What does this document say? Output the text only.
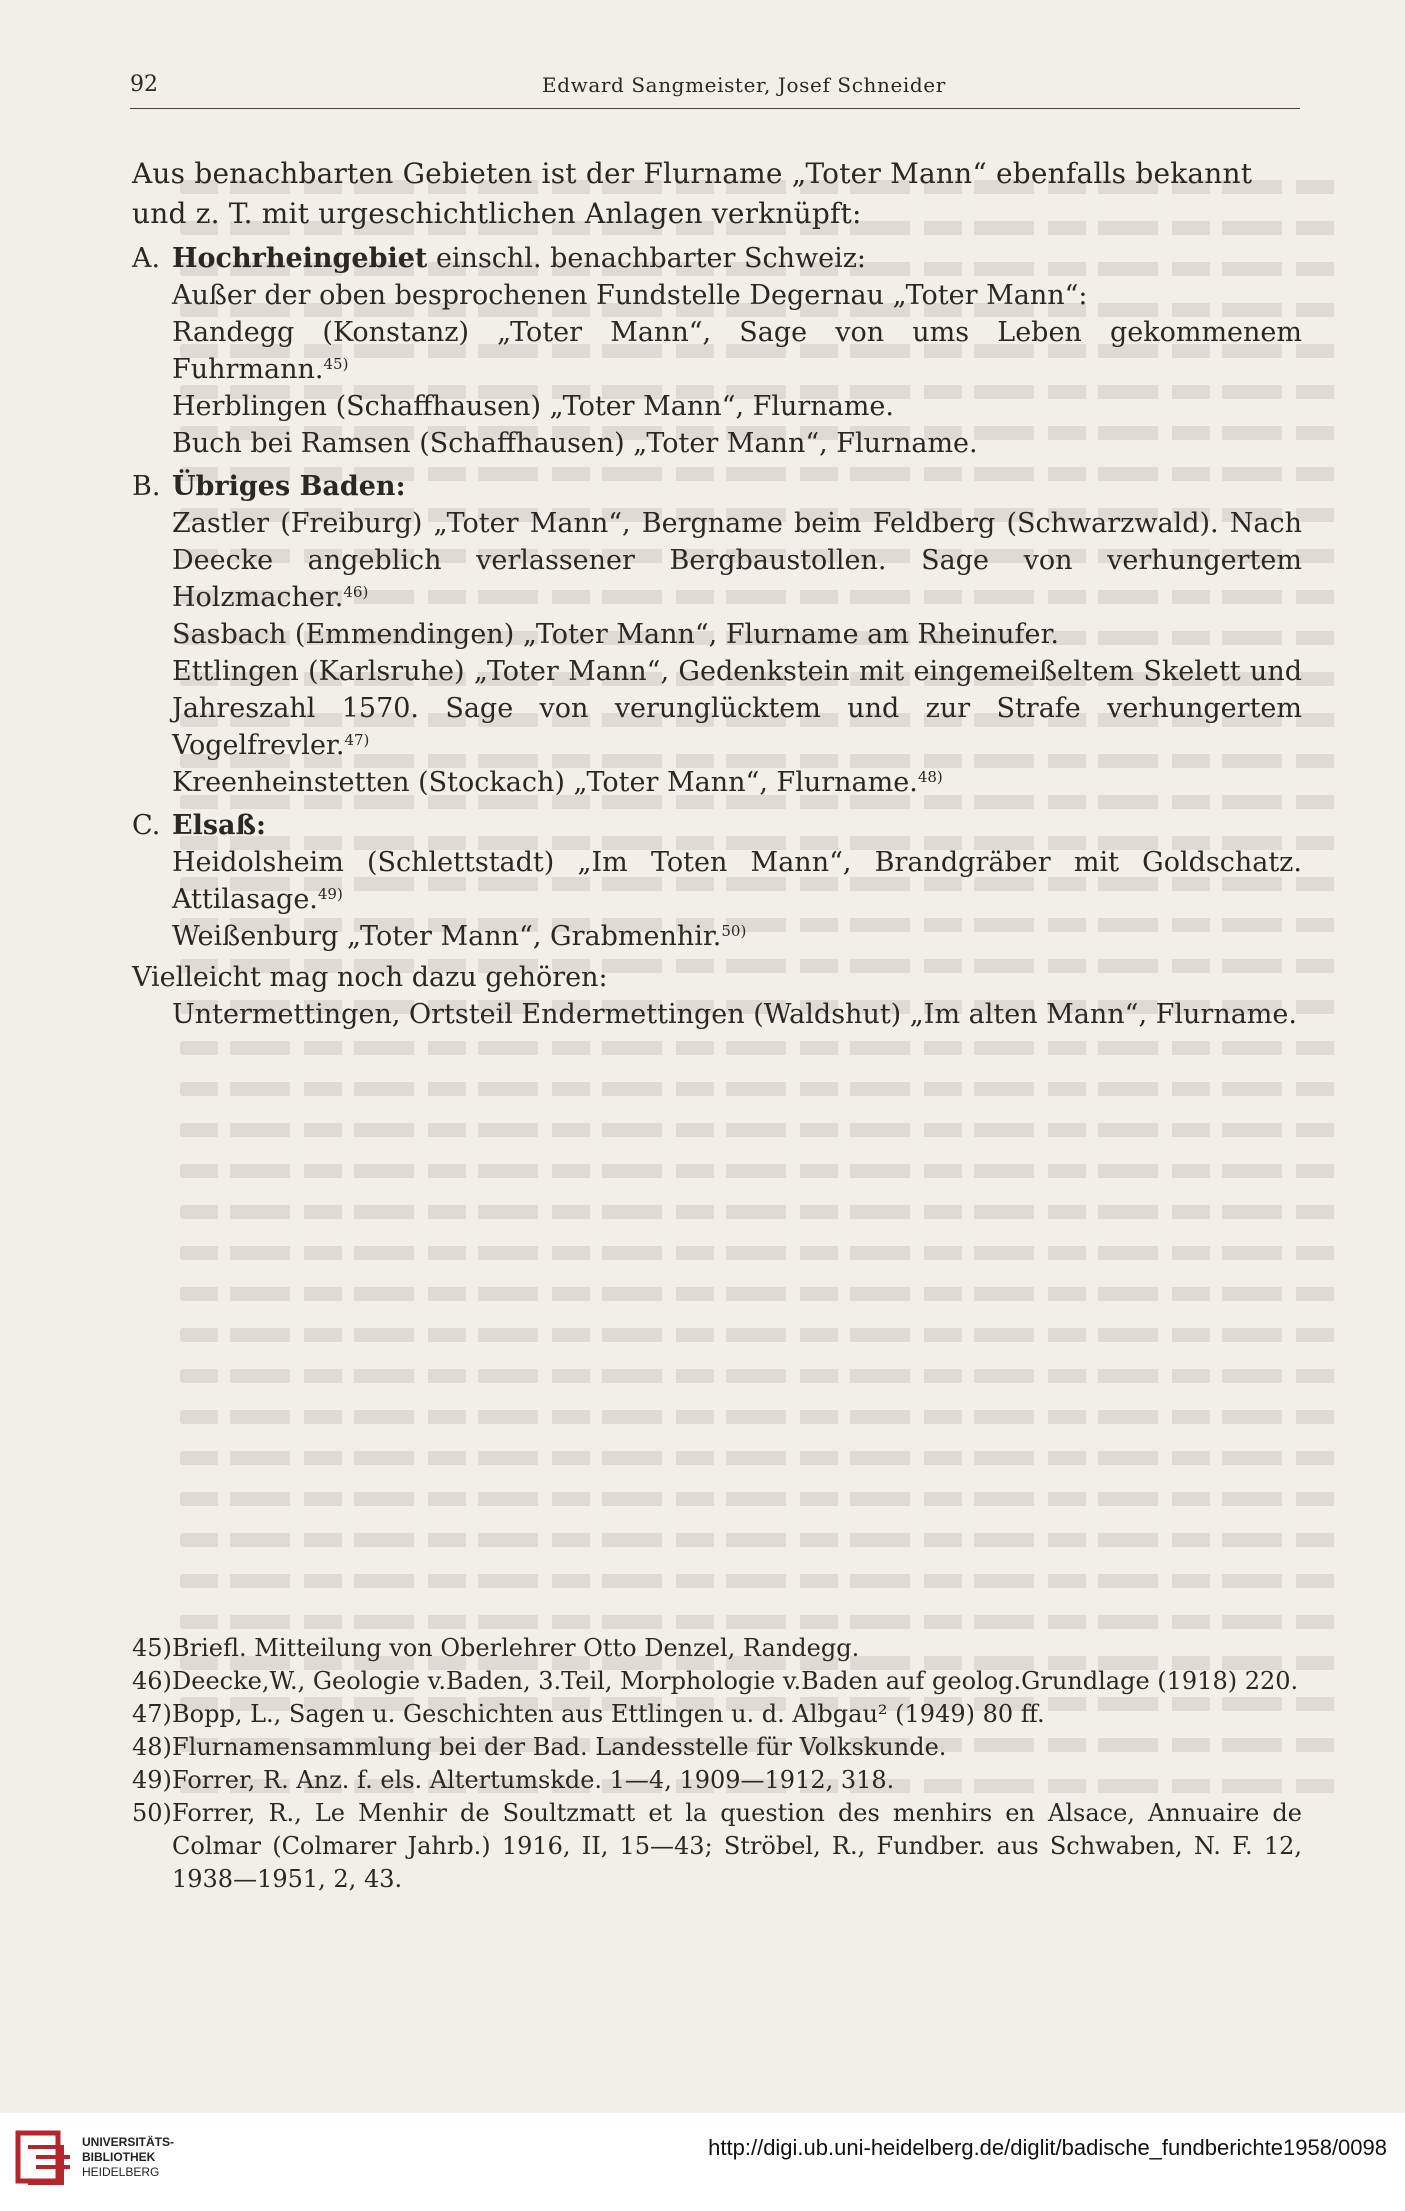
92	Edward Sangmeister, Josef Schneider

Aus benachbarten Gebieten ist der Flurname „Toter Mann“ ebenfalls bekannt und z. T. mit urgeschichtlichen Anlagen verknüpft:

A. Hochrheingebiet einschl. benachbarter Schweiz:
Außer der oben besprochenen Fundstelle Degernau „Toter Mann“:
Randegg (Konstanz) „Toter Mann“, Sage von ums Leben gekommenem Fuhrmann.$^{45)}$
Herblingen (Schaffhausen) „Toter Mann“, Flurname.
Buch bei Ramsen (Schaffhausen) „Toter Mann“, Flurname.
B. Übriges Baden:
Zastler (Freiburg) „Toter Mann“, Bergname beim Feldberg (Schwarzwald). Nach Deecke angeblich verlassener Bergbaustollen. Sage von verhungertem Holzmacher.$^{46)}$
Sasbach (Emmendingen) „Toter Mann“, Flurname am Rheinufer.
Ettlingen (Karlsruhe) „Toter Mann“, Gedenkstein mit eingemeißeltem Skelett und Jahreszahl 1570. Sage von verunglücktem und zur Strafe verhungertem Vogelfrevler.$^{47)}$
Kreenheinstetten (Stockach) „Toter Mann“, Flurname.$^{48)}$
C. Elsaß:
Heidolsheim (Schlettstadt) „Im Toten Mann“, Brandgräber mit Goldschatz. Attilasage.$^{49)}$
Weißenburg „Toter Mann“, Grabmenhir.$^{50)}$
Vielleicht mag noch dazu gehören:
Untermettingen, Ortsteil Endermettingen (Waldshut) „Im alten Mann“, Flurname.
45) Briefl. Mitteilung von Oberlehrer Otto Denzel, Randegg.
46) Deecke,W., Geologie v.Baden, 3.Teil, Morphologie v.Baden auf geolog.Grundlage (1918) 220.
47) Bopp, L., Sagen u. Geschichten aus Ettlingen u. d. Albgau² (1949) 80 ff.
48) Flurnamensammlung bei der Bad. Landesstelle für Volkskunde.
49) Forrer, R. Anz. f. els. Altertumskde. 1—4, 1909—1912, 318.
50) Forrer, R., Le Menhir de Soultzmatt et la question des menhirs en Alsace, Annuaire de Colmar (Colmarer Jahrb.) 1916, II, 15—43; Ströbel, R., Fundber. aus Schwaben, N. F. 12, 1938—1951, 2, 43.
UNIVERSITÄTS-
BIBLIOTHEK
HEIDELBERG
http://digi.ub.uni-heidelberg.de/diglit/badische_fundberichte1958/0098
